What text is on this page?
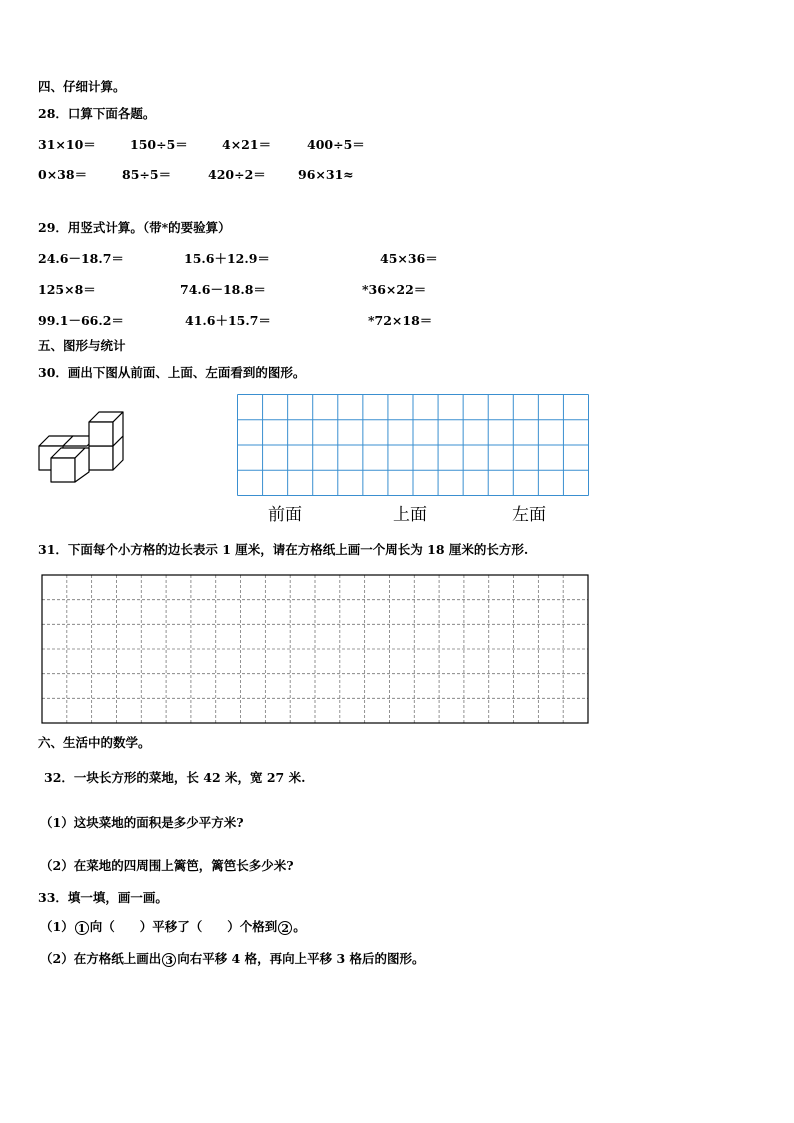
四、仔细计算。
28．口算下面各题。
31×10＝	150÷5＝	4×21＝	400÷5＝
0×38＝	85÷5＝	420÷2＝	96×31≈
29．用竖式计算。（带*的要验算）
24.6－18.7＝	15.6＋12.9＝	45×36＝
125×8＝	74.6－18.8＝	*36×22＝
99.1－66.2＝	41.6＋15.7＝	*72×18＝
五、图形与统计
30．画出下图从前面、上面、左面看到的图形。
前面	上面	左面
31．下面每个小方格的边长表示 1 厘米，请在方格纸上画一个周长为 18 厘米的长方形.
六、生活中的数学。
32．一块长方形的菜地，长 42 米，宽 27 米.
（1）这块菜地的面积是多少平方米?
（2）在菜地的四周围上篱笆，篱笆长多少米?
33．填一填，画一画。
（1） 1 向（　　）平移了（　　）个格到 2 。
（2）在方格纸上画出 3 向右平移 4 格，再向上平移 3 格后的图形。
